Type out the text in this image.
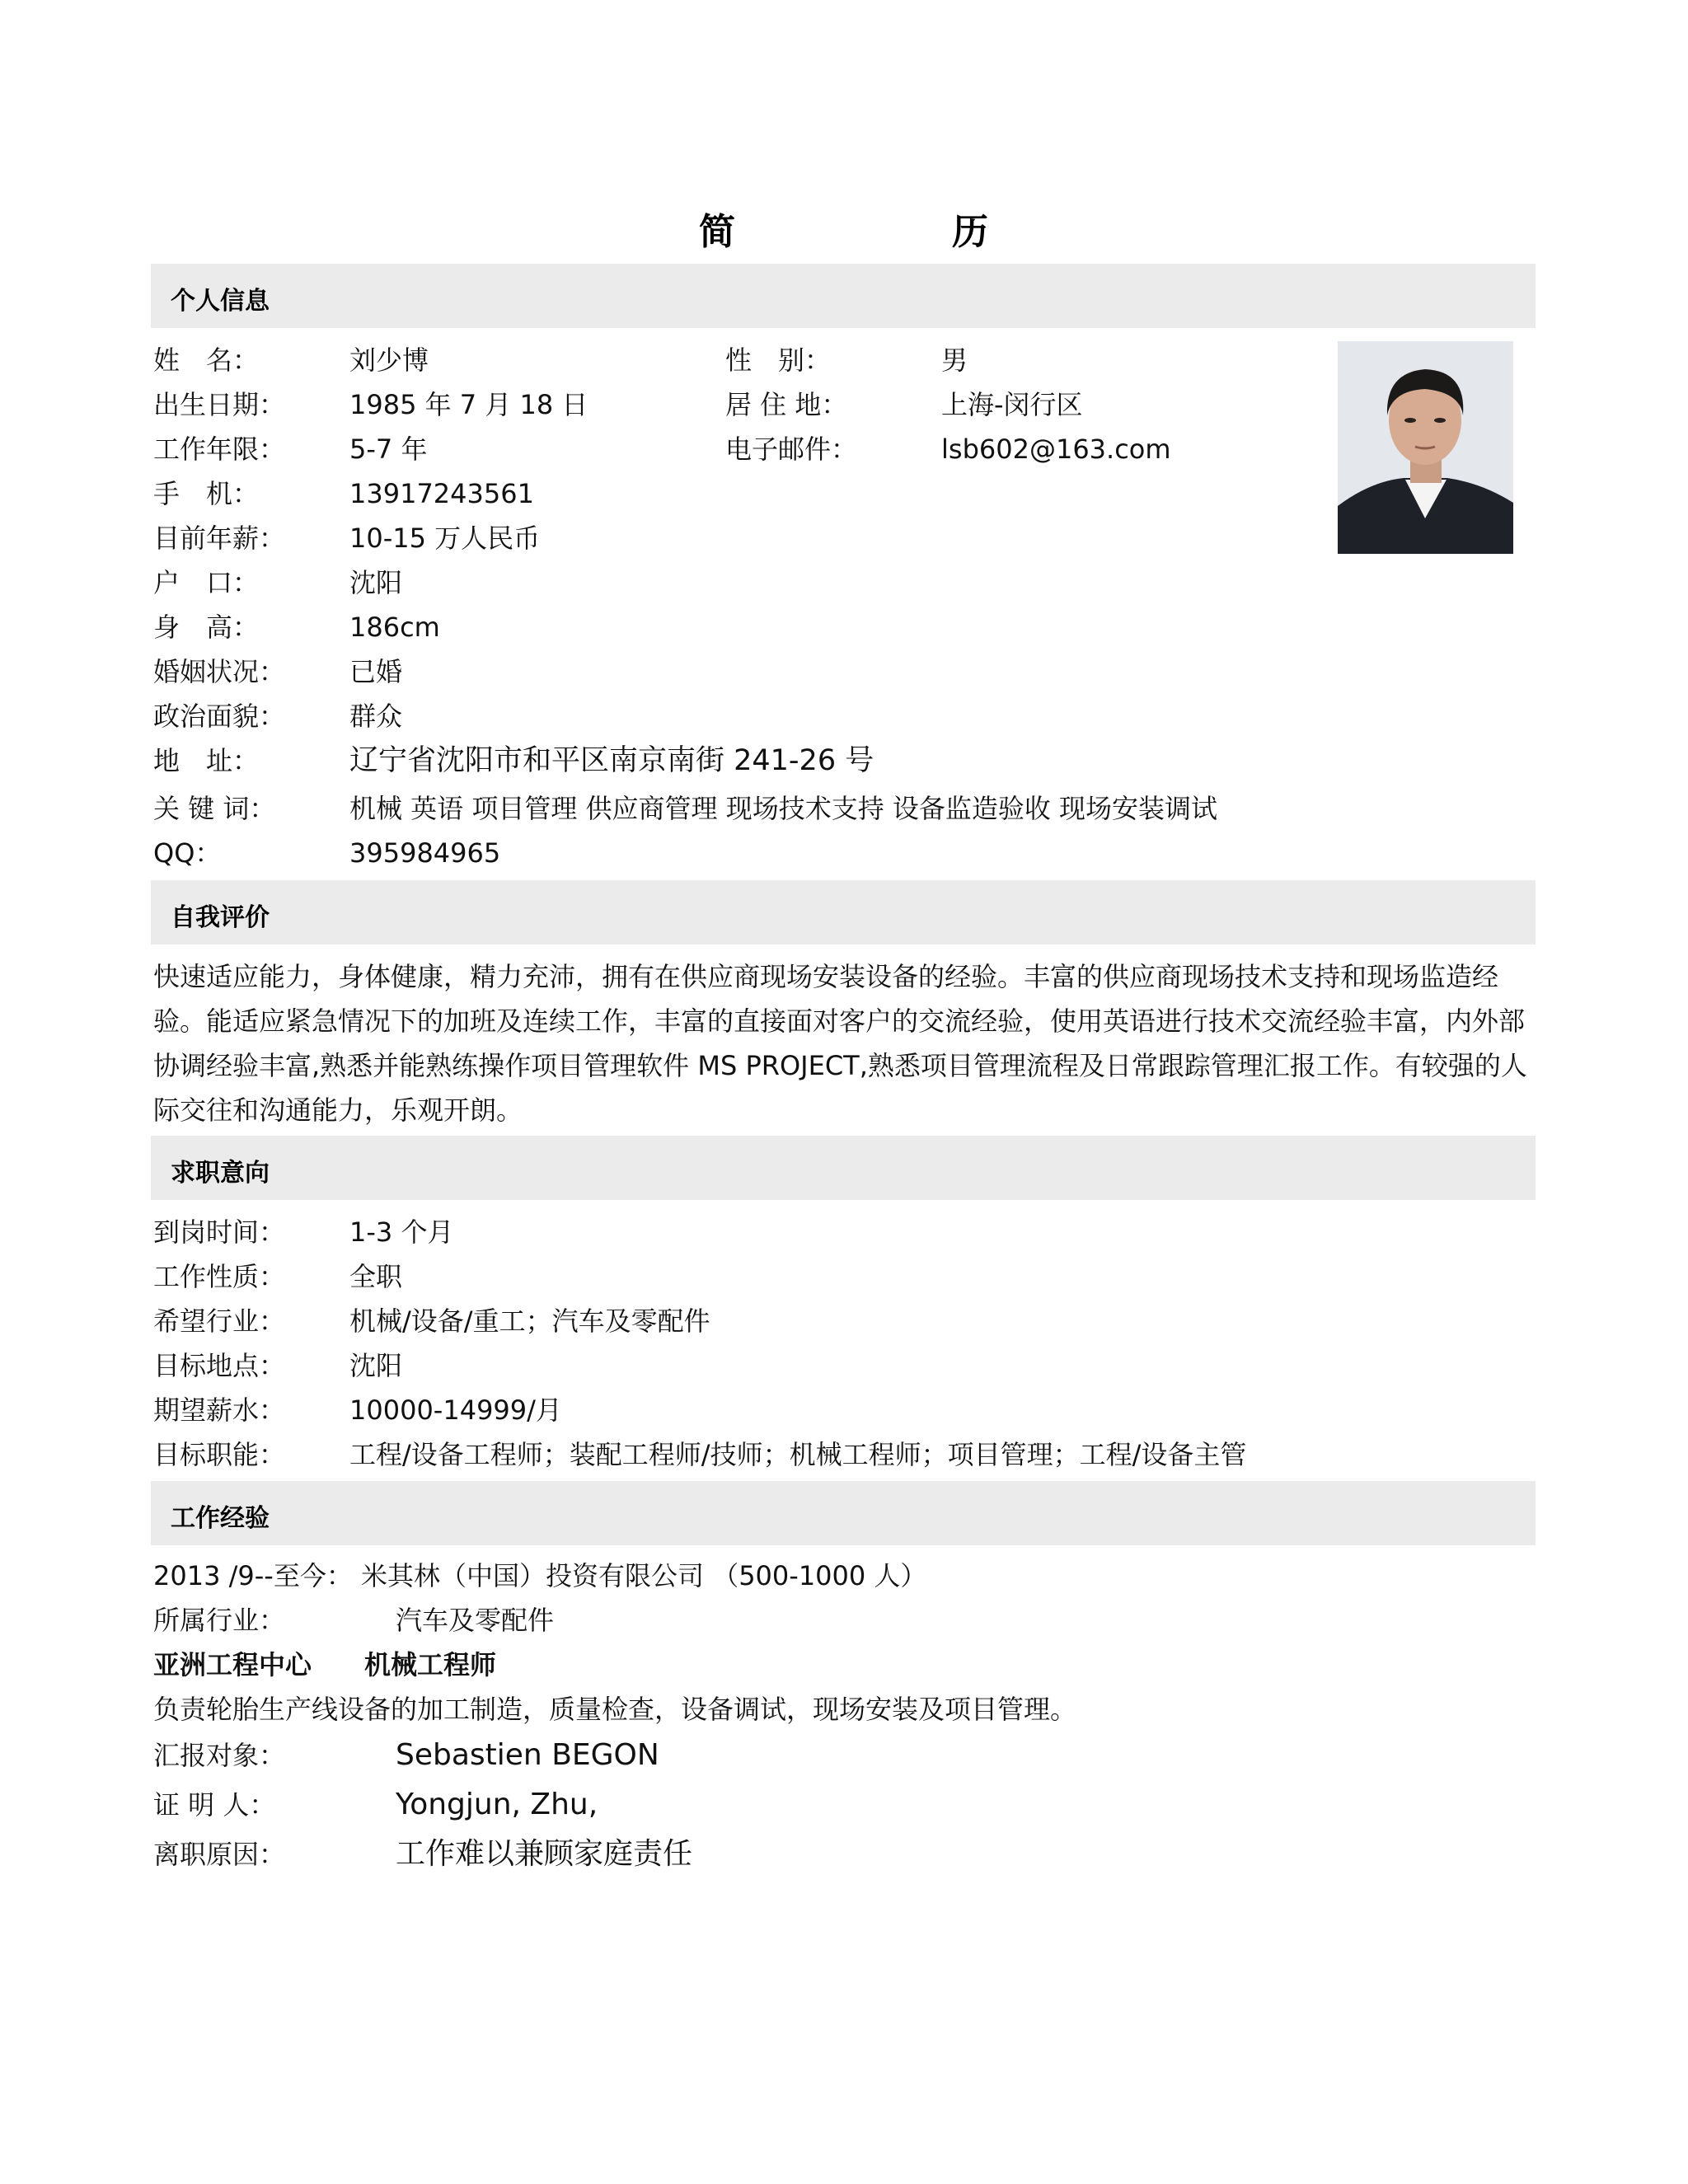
简	历
个人信息
姓　名：	刘少博
出生日期： 1985 年 7 月 18 日
工作年限： 5-7 年
手　机：	13917243561
目前年薪： 10-15 万人民币
户　口：	沈阳
身　高：	186cm
婚姻状况： 已婚
政治面貌： 群众
地　址：	辽宁省沈阳市和平区南京南街 241-26 号
关 键 词：	机械 英语 项目管理 供应商管理 现场技术支持 设备监造验收 现场安装调试
QQ：	395984965
性　别：	男
居 住 地：	上海-闵行区
电子邮件：	lsb602@163.com
自我评价
快速适应能力，身体健康，精力充沛，拥有在供应商现场安装设备的经验。丰富的供应商现场技术支持和现场监造经验。能适应紧急情况下的加班及连续工作，丰富的直接面对客户的交流经验，使用英语进行技术交流经验丰富，内外部协调经验丰富,熟悉并能熟练操作项目管理软件 MS PROJECT,熟悉项目管理流程及日常跟踪管理汇报工作。有较强的人际交往和沟通能力，乐观开朗。
求职意向
到岗时间： 1-3 个月
工作性质： 全职
希望行业： 机械/设备/重工；汽车及零配件
目标地点： 沈阳
期望薪水： 10000-14999/月
目标职能： 工程/设备工程师；装配工程师/技师；机械工程师；项目管理；工程/设备主管
工作经验
2013 /9--至今： 米其林（中国）投资有限公司 （500-1000 人）
所属行业：	汽车及零配件
亚洲工程中心　　机械工程师
负责轮胎生产线设备的加工制造，质量检查，设备调试，现场安装及项目管理。
汇报对象：	Sebastien BEGON
证 明 人：	Yongjun, Zhu,
离职原因：	工作难以兼顾家庭责任
